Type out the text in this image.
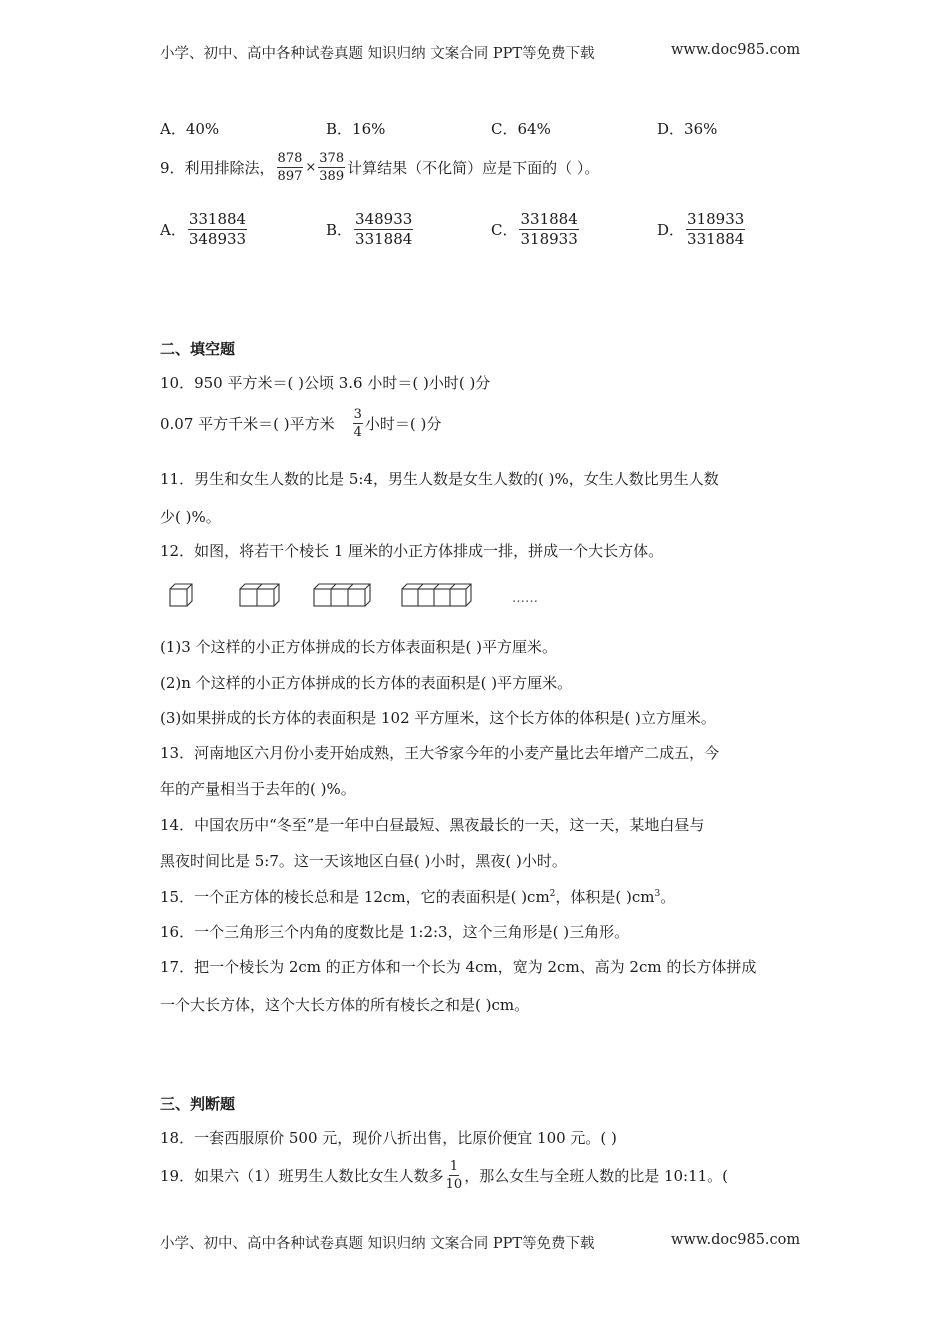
小学、初中、高中各种试卷真题 知识归纳 文案合同 PPT等免费下载	www.doc985.com
A．40%	B．16%	C．64%	D．36%
9．利用排除法， $\frac{878}{897} \times \frac{378}{389}$ 计算结果（不化简）应是下面的（ ）。
A． $\frac{331884}{348933}$	B． $\frac{348933}{331884}$	C． $\frac{331884}{318933}$	D． $\frac{318933}{331884}$
二、填空题
10．950 平方米＝( )公顷 3.6 小时＝( )小时( )分
0.07 平方千米＝( )平方米 $\frac{3}{4}$ 小时＝( )分
11．男生和女生人数的比是 5:4，男生人数是女生人数的( )%，女生人数比男生人数
少( )%。
12．如图，将若干个棱长 1 厘米的小正方体排成一排，拼成一个大长方体。
……
(1)3 个这样的小正方体拼成的长方体表面积是( )平方厘米。
(2)n 个这样的小正方体拼成的长方体的表面积是( )平方厘米。
(3)如果拼成的长方体的表面积是 102 平方厘米，这个长方体的体积是( )立方厘米。
13．河南地区六月份小麦开始成熟，王大爷家今年的小麦产量比去年增产二成五，今
年的产量相当于去年的( )%。
14．中国农历中“冬至”是一年中白昼最短、黑夜最长的一天，这一天，某地白昼与
黑夜时间比是 5:7。这一天该地区白昼( )小时，黑夜( )小时。
15．一个正方体的棱长总和是 12cm，它的表面积是( )$cm^2$，体积是( )$cm^3$。
16．一个三角形三个内角的度数比是 1:2:3，这个三角形是( )三角形。
17．把一个棱长为 2cm 的正方体和一个长为 4cm，宽为 2cm、高为 2cm 的长方体拼成
一个大长方体，这个大长方体的所有棱长之和是( )cm。
三、判断题
18．一套西服原价 500 元，现价八折出售，比原价便宜 100 元。( )
19．如果六（1）班男生人数比女生人数多 $\frac{1}{10}$ ，那么女生与全班人数的比是 10:11。(
小学、初中、高中各种试卷真题 知识归纳 文案合同 PPT等免费下载	www.doc985.com
